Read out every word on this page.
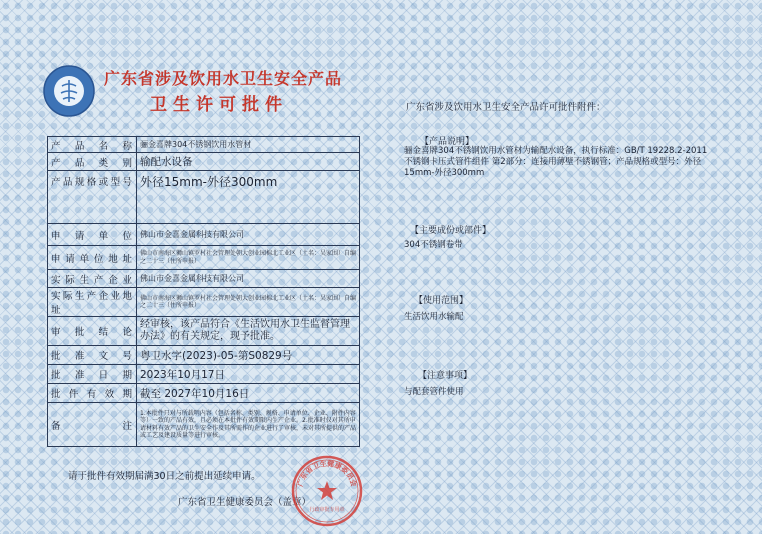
广东省涉及饮用水卫生安全产品
卫生许可批件
产品名称	骊金喜牌304不锈钢饮用水管材
产品类别	输配水设备
产品规格或型号	外径15mm-外径300mm
申请单位	佛山市金喜金属科技有限公司
申请单位地址	佛山市南海区狮山镇罗村社会管理处朝大创业园棉北工业区（土名：吴家围）自编之二十三（住所申报）
实际生产企业	佛山市金喜金属科技有限公司
实际生产企业地址	佛山市南海区狮山镇罗村社会管理处朝大创业园棉北工业区（土名：吴家围）自编之二十三（住所申报）
审批结论	经审核，该产品符合《生活饮用水卫生监督管理办法》的有关规定，现予批准。
批准文号	粤卫水字(2023)-05-第S0829号
批准日期	2023年10月17日
批件有效期	截至 2027年10月16日
备注	1.本批件只对与所载明内容（包括名称、类别、规格、申请单位、企业、附件内容等）一致的产品有效，且必须在本批件有效期限内生产企业。2.批准时仅对其所申请材料有效产品的卫生安全作及其所需作的企业进行了审核，未对其所提供的产品或工艺及建设质量等进行审核。
请于批件有效期届满30日之前提出延续申请。
广东省卫生健康委员会（盖章）
广东省卫生健康委员会
行政审批专用章
广东省涉及饮用水卫生安全产品许可批件附件：
【产品说明】
骊金喜牌304不锈钢饮用水管材为输配水设备，执行标准：GB/T 19228.2-2011 不锈钢卡压式管件组件 第2部分：连接用薄壁不锈钢管；产品规格或型号：外径15mm-外径300mm
【主要成份或部件】
304不锈钢卷带
【使用范围】
生活饮用水输配
【注意事项】
与配套管件使用
